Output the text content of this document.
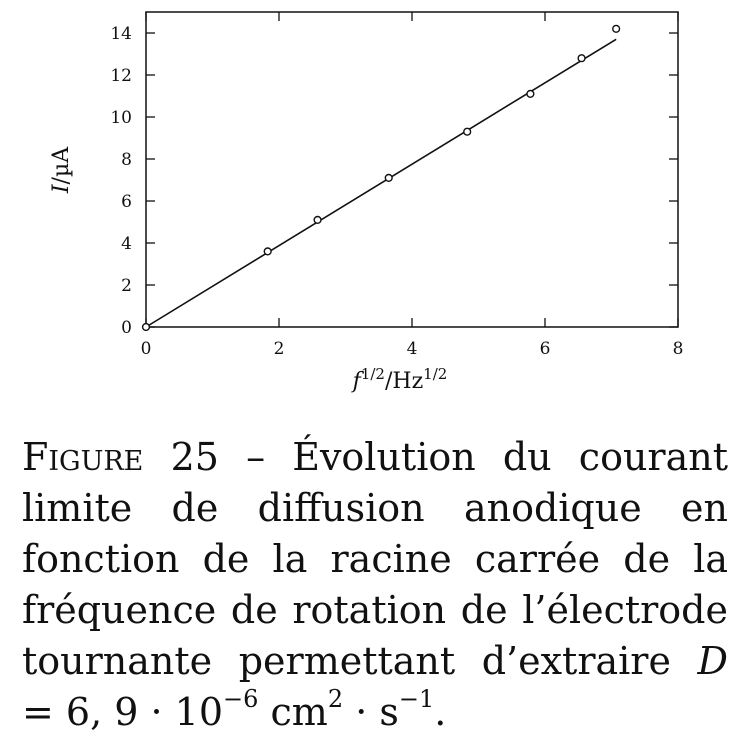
0	2	4	6	8
0
2
4
6
8
10
12
14
$f^{1/2}/Hz^{1/2}$
I/µA
Figure 25 – Évolution du courant limite de diffusion anodique en fonction de la racine carrée de la fréquence de rotation de l’électrode tournante permettant d’extraire D = 6, $9 \cdot 10^{-6}$ $cm^2 \cdot s^{-1}$.
